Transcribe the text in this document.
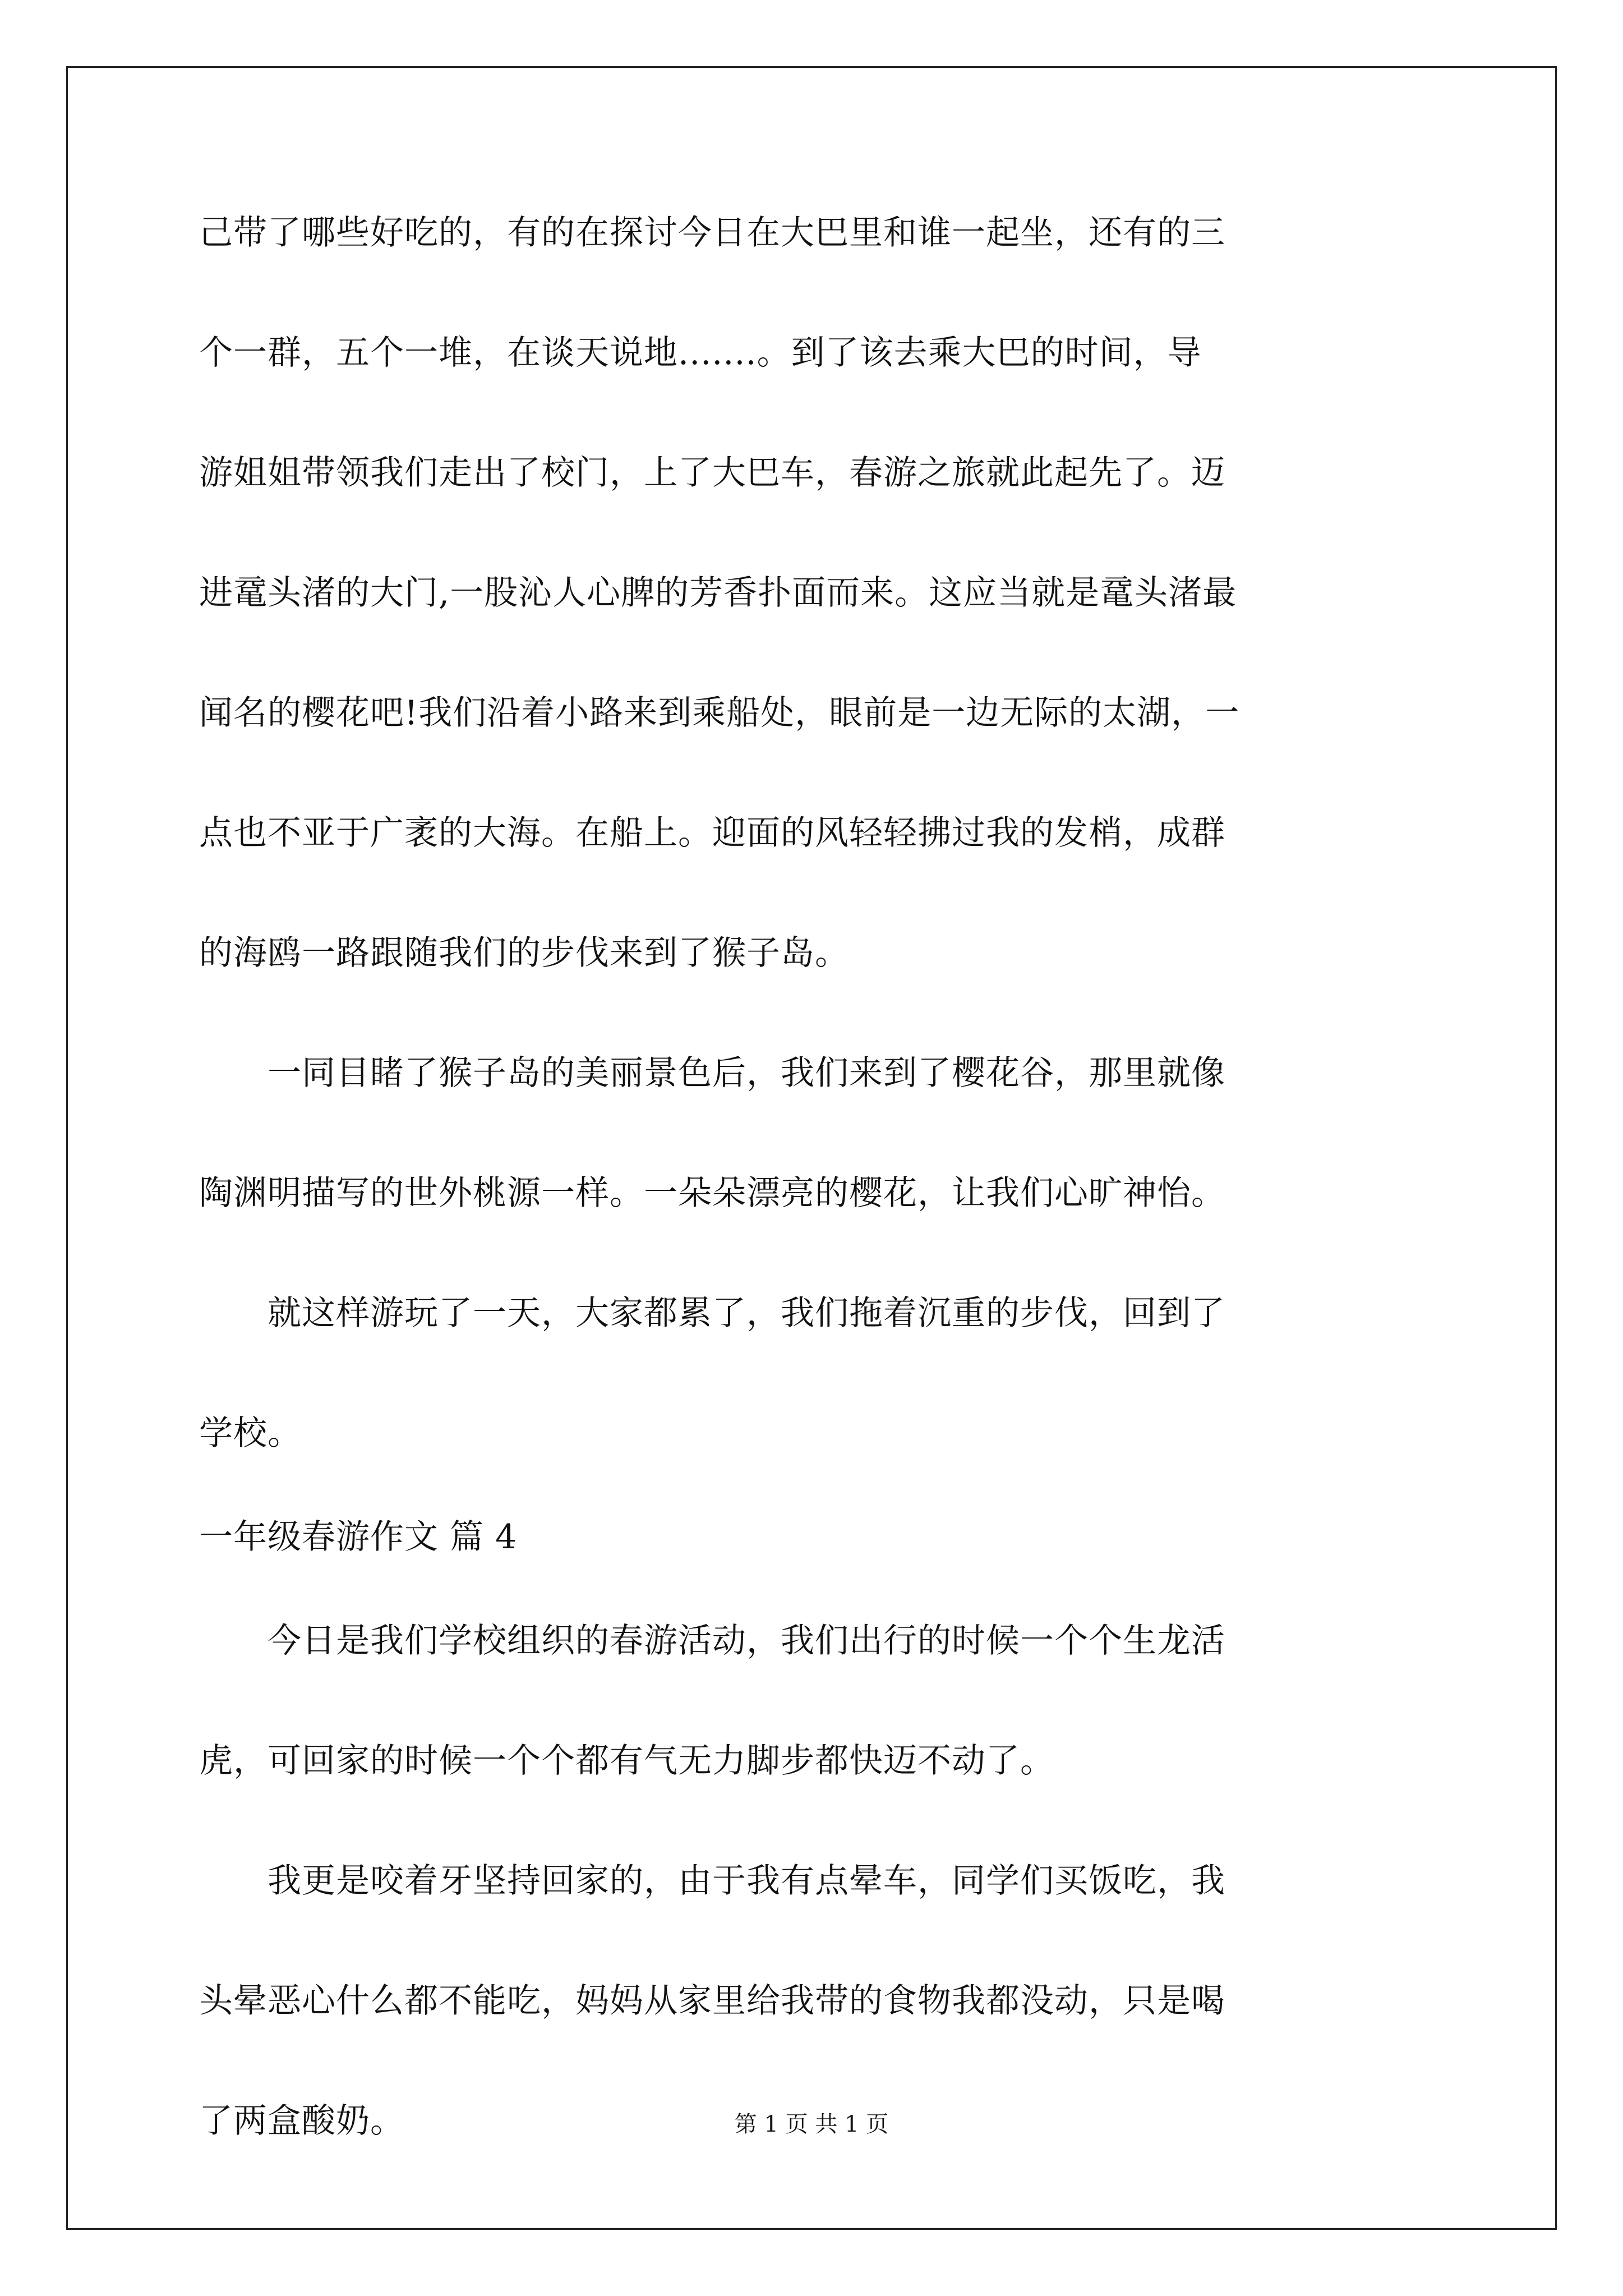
己带了哪些好吃的，有的在探讨今日在大巴里和谁一起坐，还有的三
个一群，五个一堆，在谈天说地.......。到了该去乘大巴的时间，导
游姐姐带领我们走出了校门，上了大巴车，春游之旅就此起先了。迈
进鼋头渚的大门,一股沁人心脾的芳香扑面而来。这应当就是鼋头渚最
闻名的樱花吧!我们沿着小路来到乘船处，眼前是一边无际的太湖，一
点也不亚于广袤的大海。在船上。迎面的风轻轻拂过我的发梢，成群
的海鸥一路跟随我们的步伐来到了猴子岛。
　　一同目睹了猴子岛的美丽景色后，我们来到了樱花谷，那里就像
陶渊明描写的世外桃源一样。一朵朵漂亮的樱花，让我们心旷神怡。
　　就这样游玩了一天，大家都累了，我们拖着沉重的步伐，回到了
学校。
一年级春游作文 篇 4
　　今日是我们学校组织的春游活动，我们出行的时候一个个生龙活
虎，可回家的时候一个个都有气无力脚步都快迈不动了。
　　我更是咬着牙坚持回家的，由于我有点晕车，同学们买饭吃，我
头晕恶心什么都不能吃，妈妈从家里给我带的食物我都没动，只是喝
了两盒酸奶。	第 1 页 共 1 页
